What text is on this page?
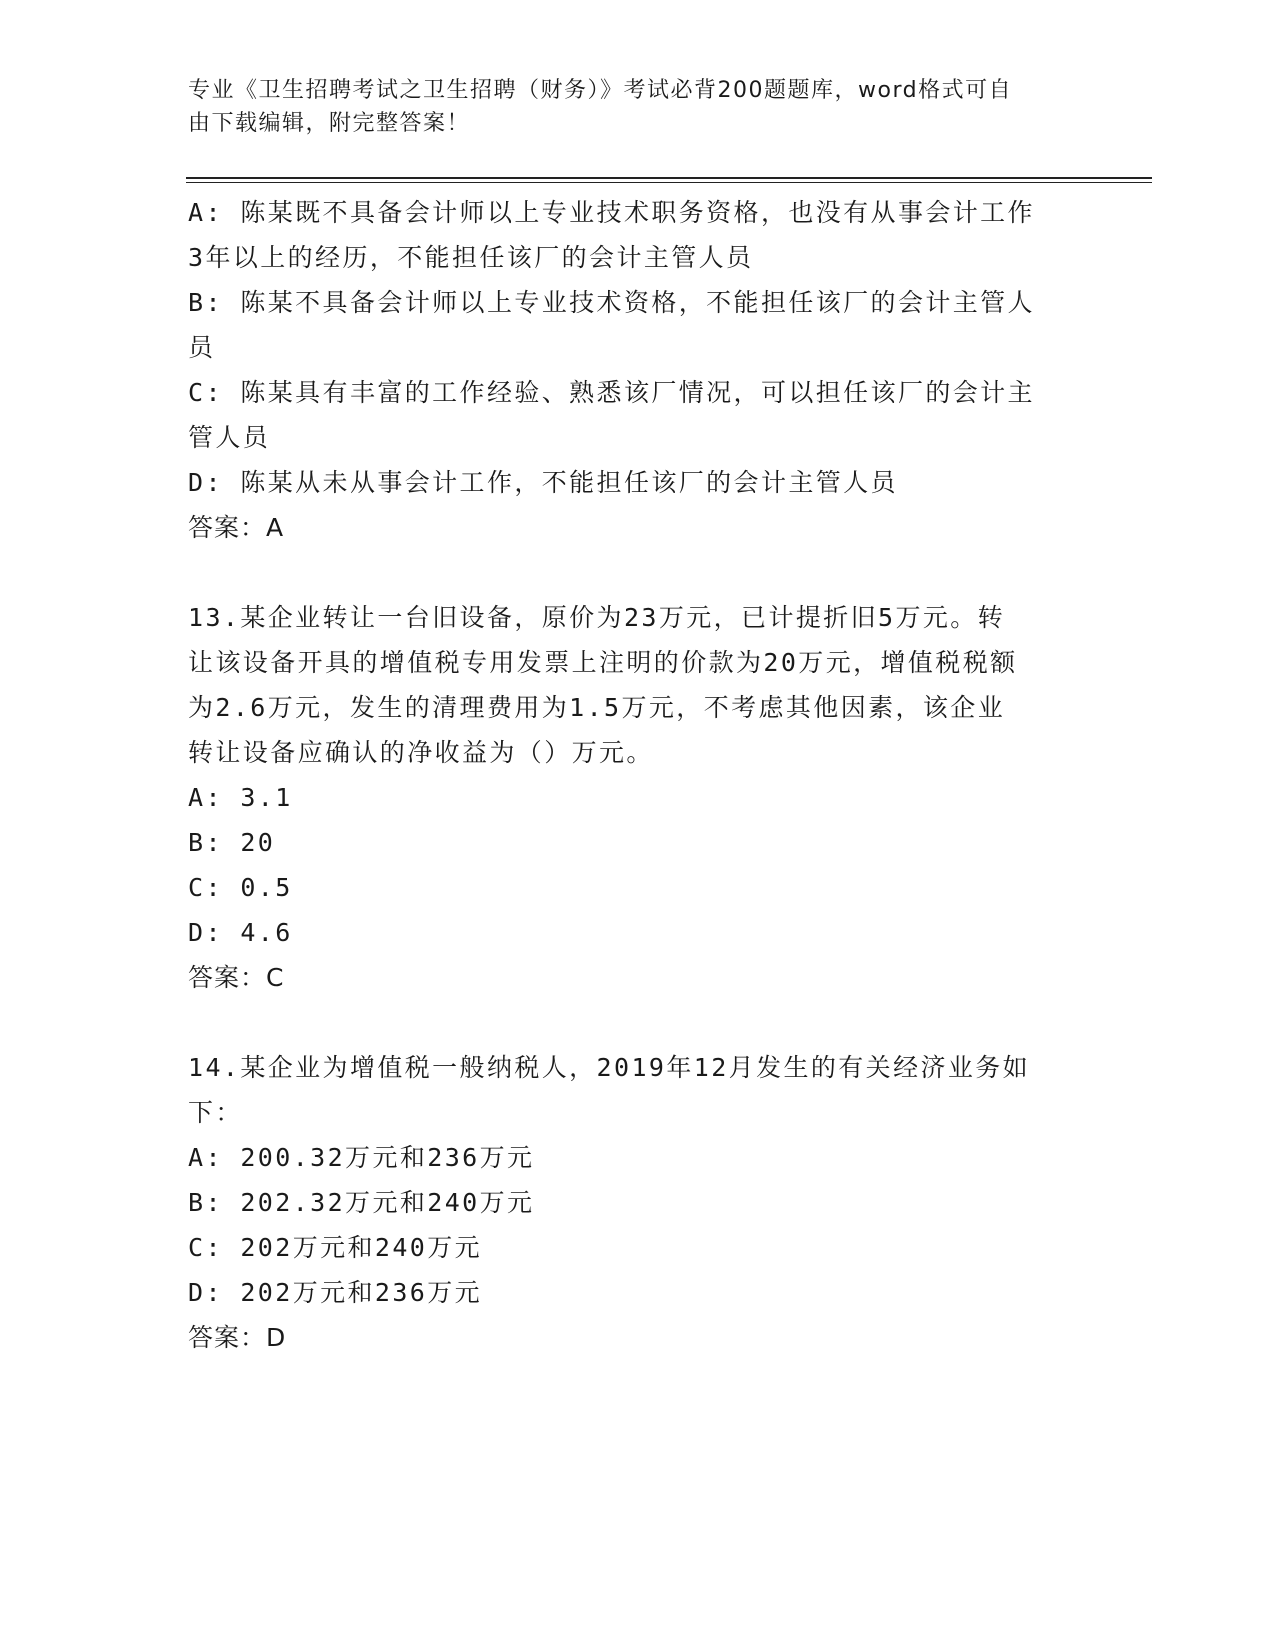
专业《卫生招聘考试之卫生招聘（财务）》考试必背200题题库，word格式可自
由下载编辑，附完整答案！
A: 陈某既不具备会计师以上专业技术职务资格，也没有从事会计工作
3年以上的经历，不能担任该厂的会计主管人员
B: 陈某不具备会计师以上专业技术资格，不能担任该厂的会计主管人
员
C: 陈某具有丰富的工作经验、熟悉该厂情况，可以担任该厂的会计主
管人员
D: 陈某从未从事会计工作，不能担任该厂的会计主管人员
答案：A
13.某企业转让一台旧设备，原价为23万元，已计提折旧5万元。转
让该设备开具的增值税专用发票上注明的价款为20万元，增值税税额
为2.6万元，发生的清理费用为1.5万元，不考虑其他因素，该企业
转让设备应确认的净收益为（）万元。
A: 3.1
B: 20
C: 0.5
D: 4.6
答案：C
14.某企业为增值税一般纳税人，2019年12月发生的有关经济业务如
下：
A: 200.32万元和236万元
B: 202.32万元和240万元
C: 202万元和240万元
D: 202万元和236万元
答案：D
